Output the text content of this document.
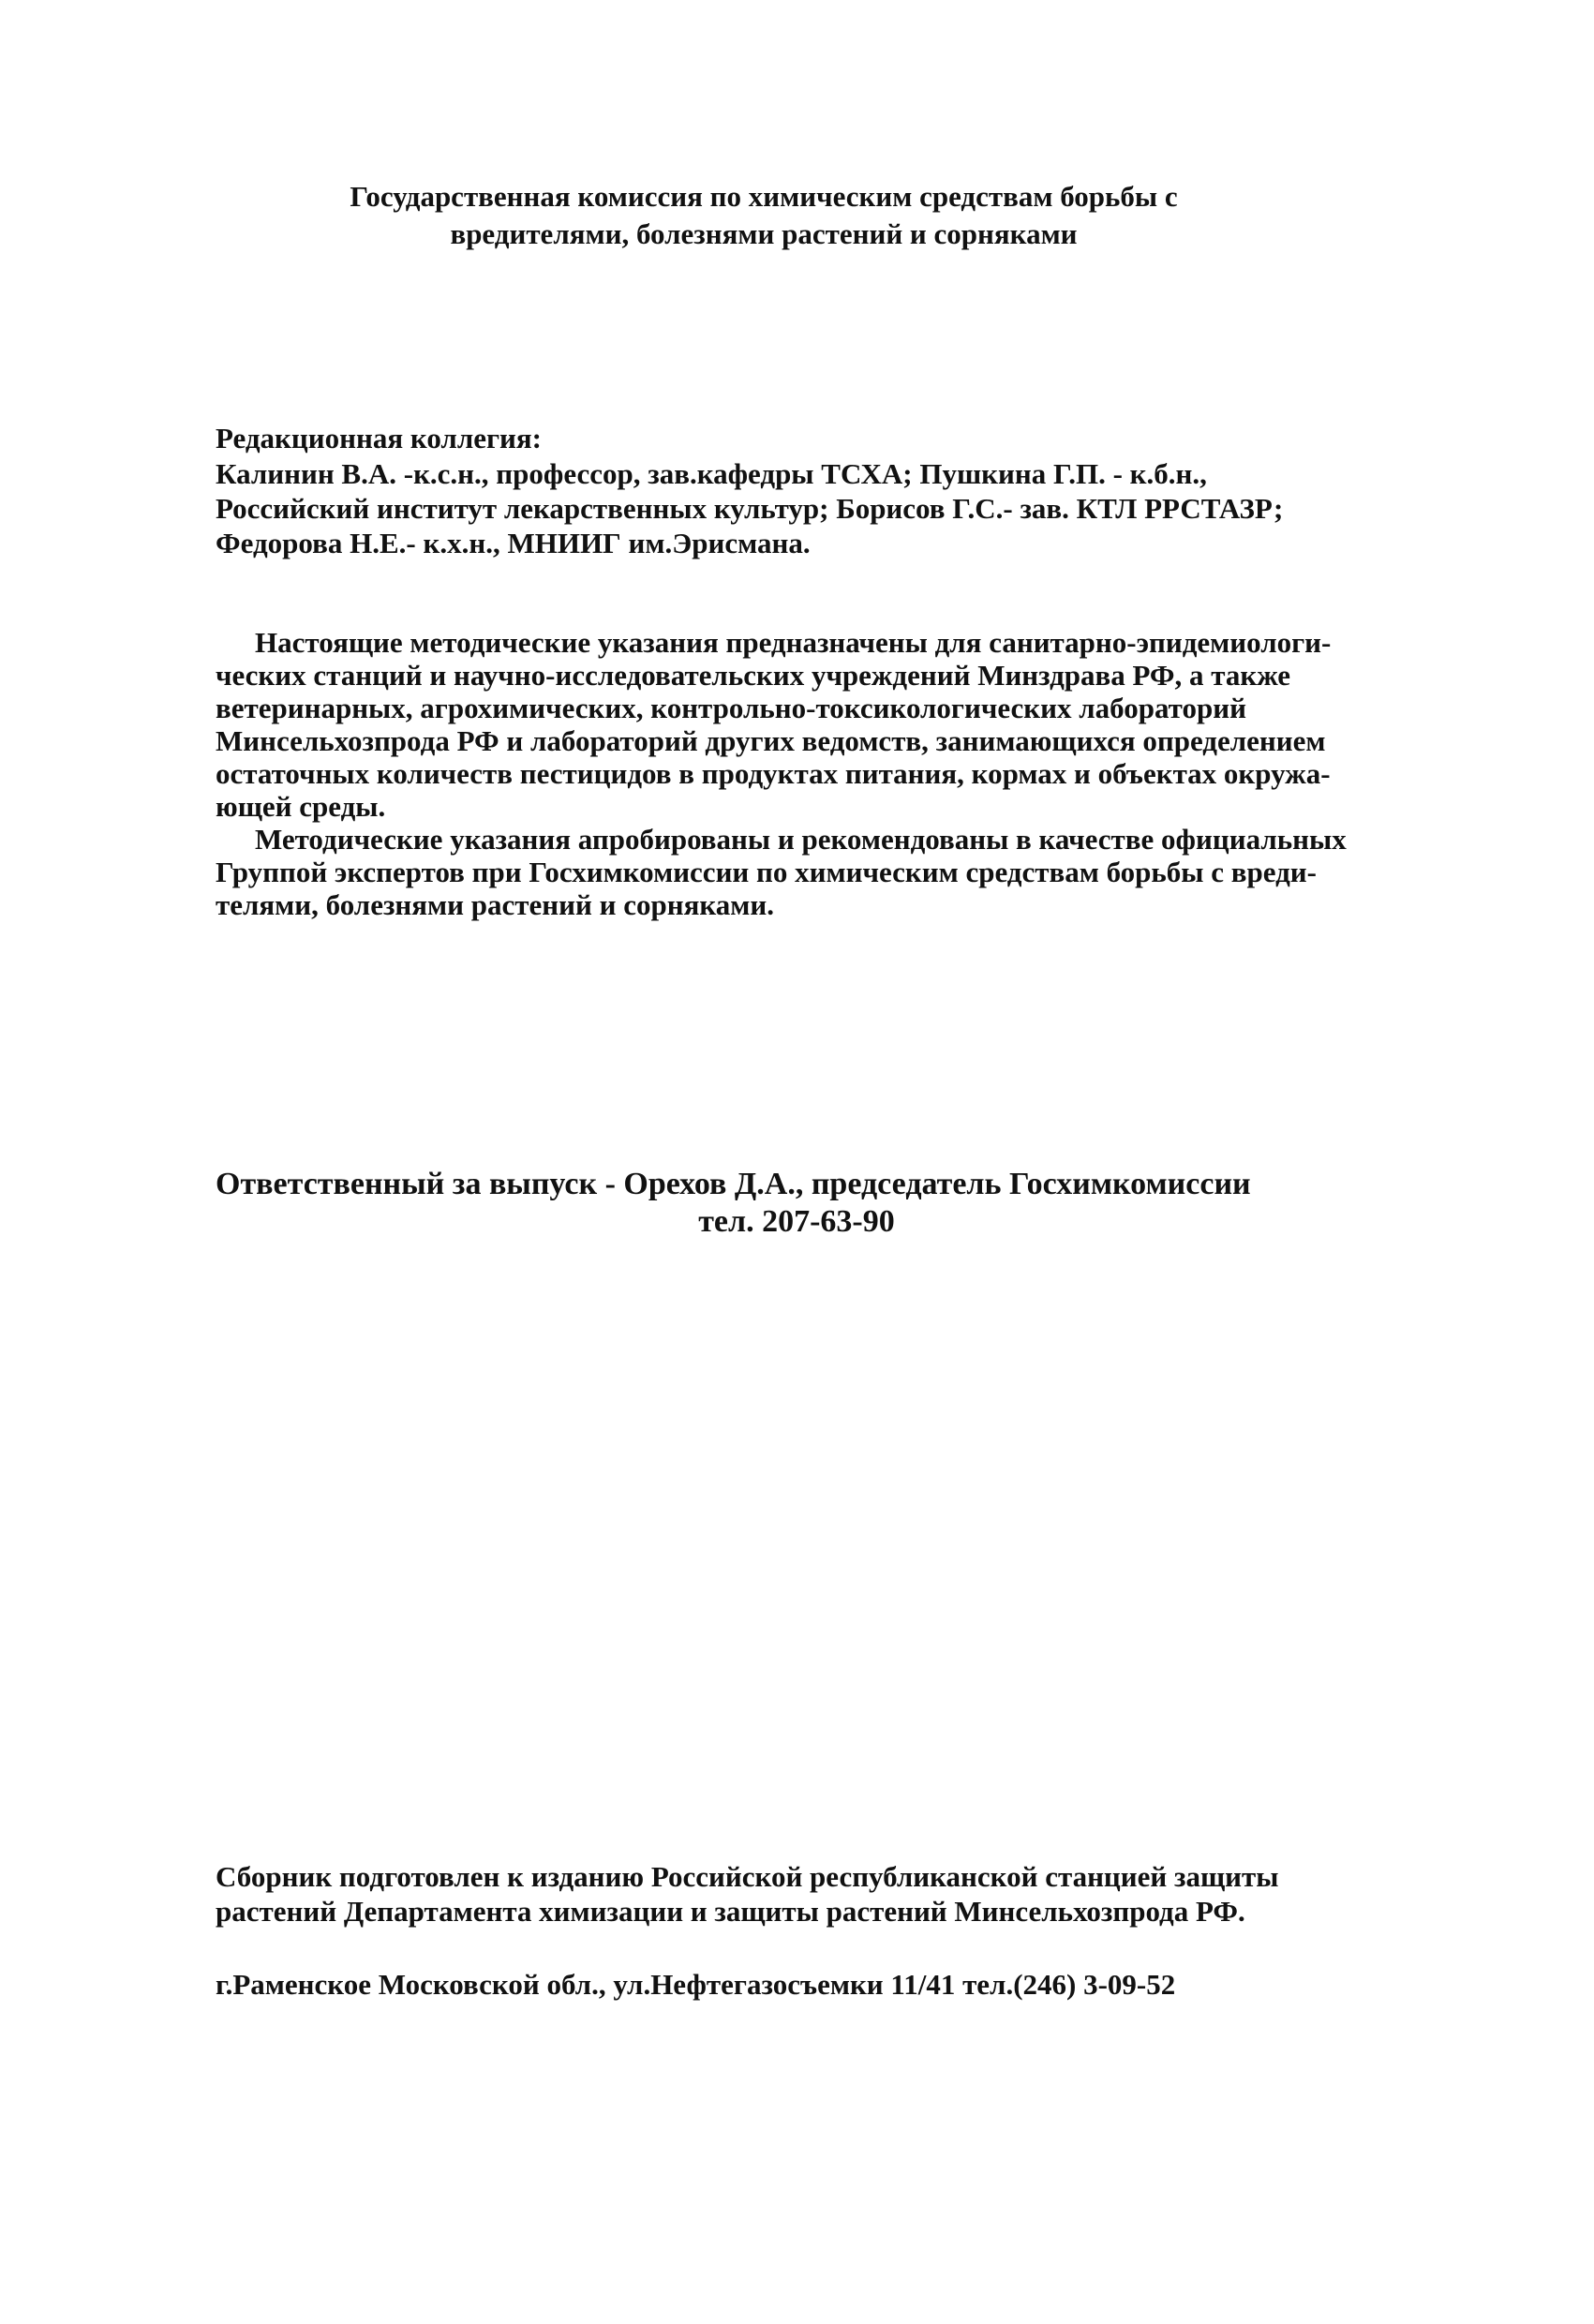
Государственная комиссия по химическим средствам борьбы с
вредителями, болезнями растений и сорняками
Редакционная коллегия:
Калинин В.А. -к.с.н., профессор, зав.кафедры ТСХА; Пушкина Г.П. - к.б.н.,
Российский институт лекарственных культур; Борисов Г.С.- зав. КТЛ РРСТАЗР;
Федорова Н.Е.- к.х.н., МНИИГ им.Эрисмана.
Настоящие методические указания предназначены для санитарно-эпидемиологи-
ческих станций и научно-исследовательских учреждений Минздрава РФ, а также
ветеринарных, агрохимических, контрольно-токсикологических лабораторий
Минсельхозпрода РФ и лабораторий других ведомств, занимающихся определением
остаточных количеств пестицидов в продуктах питания, кормах и объектах окружа-
ющей среды.
Методические указания апробированы и рекомендованы в качестве официальных
Группой экспертов при Госхимкомиссии по химическим средствам борьбы с вреди-
телями, болезнями растений и сорняками.
Ответственный за выпуск - Орехов Д.А., председатель Госхимкомиссии
тел. 207-63-90
Сборник подготовлен к изданию Российской республиканской станцией защиты
растений Департамента химизации и защиты растений Минсельхозпрода РФ.
г.Раменское Московской обл., ул.Нефтегазосъемки 11/41 тел.(246) 3-09-52
